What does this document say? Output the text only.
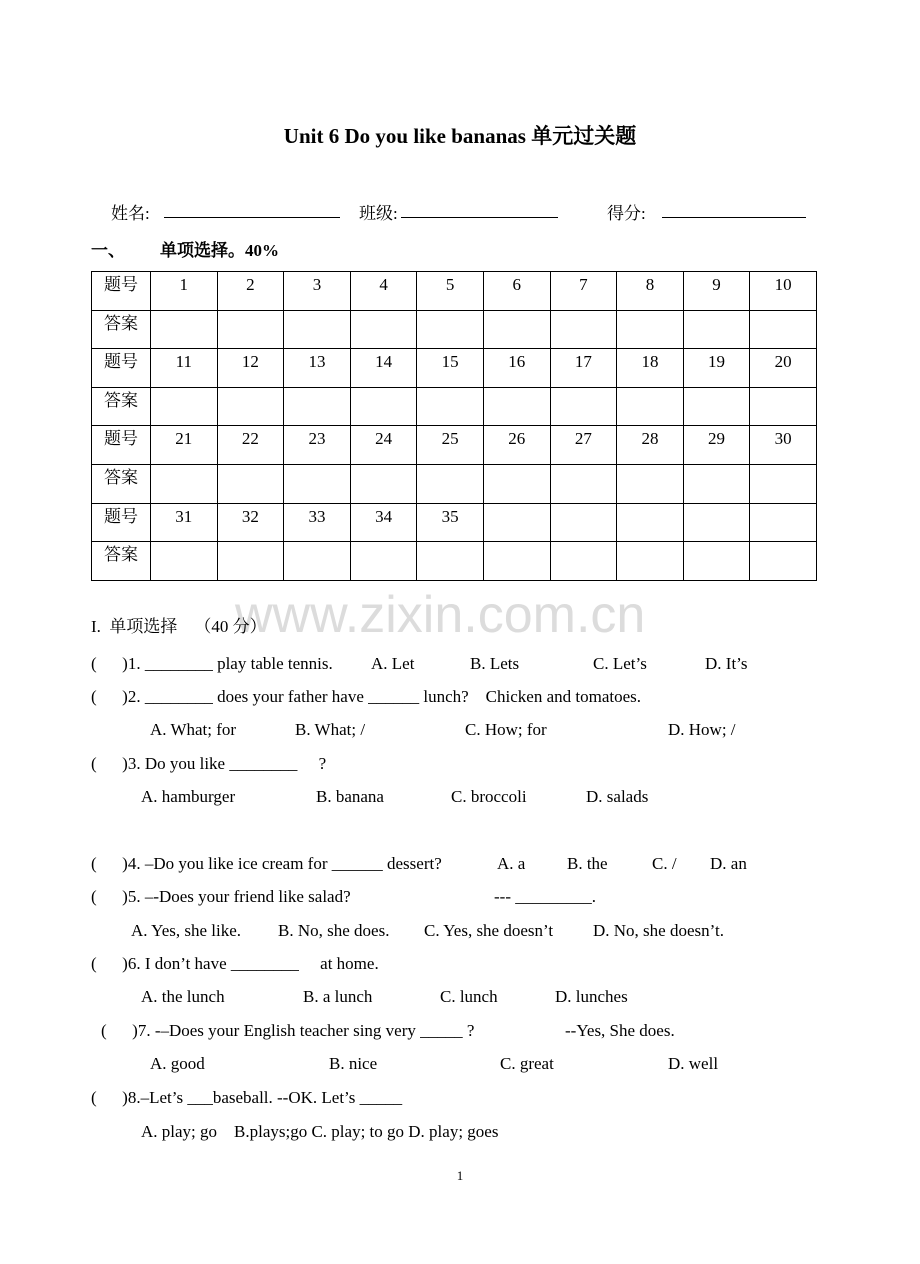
Unit 6 Do you like bananas 单元过关题
姓名:	班级:	得分:
一、 单项选择。40%
题号	1	2	3	4	5	6	7	8	9	10
答案										
题号	11	12	13	14	15	16	17	18	19	20
答案										
题号	21	22	23	24	25	26	27	28	29	30
答案										
题号	31	32	33	34	35					
答案										
www.zixin.com.cn
I.  单项选择    （40 分）
(      )1. ________ play table tennis. A. Let	B. Lets	C. Let’s	D. It’s
(      )2. ________ does your father have ______ lunch?    Chicken and tomatoes.
A. What; for	B. What; /	C. How; for	D. How; /
(      )3. Do you like ________     ?
A. hamburger	B. banana	C. broccoli	D. salads
(      )4. –Do you like ice cream for ______ dessert?	A. a B. the	C. / D. an
(      )5. –-Does your friend like salad?	--- _________.
A. Yes, she like. B. No, she does. C. Yes, she doesn’t D. No, she doesn’t.
(      )6. I don’t have ________     at home.
A. the lunch	B. a lunch	C. lunch	D. lunches
(      )7. -–Does your English teacher sing very _____ ?	--Yes, She does.
A. good	B. nice	C. great	D. well
(      )8.–Let’s ___baseball. --OK. Let’s _____
A. play; go    B.plays;go C. play; to go D. play; goes
1
